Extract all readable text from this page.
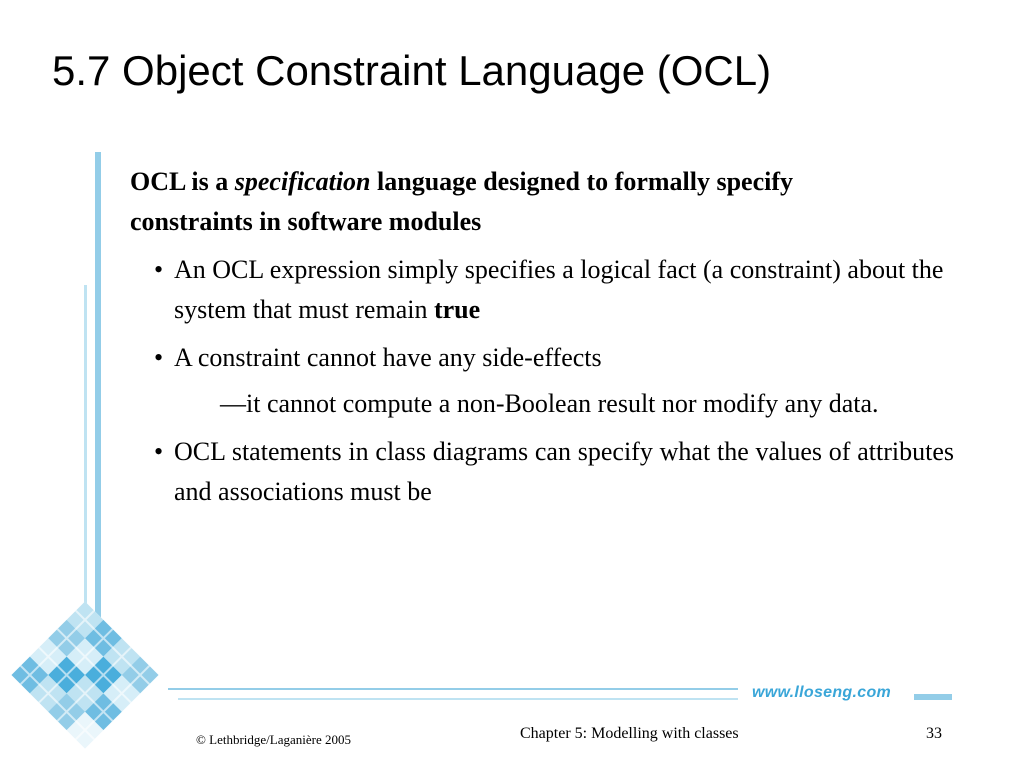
5.7 Object Constraint Language (OCL)
www.lloseng.com

OCL is a specification language designed to formally specify constraints in software modules

• An OCL expression simply specifies a logical fact (a constraint) about the system that must remain true
• A constraint cannot have any side-effects
—it cannot compute a non-Boolean result nor modify any data.
• OCL statements in class diagrams can specify what the values of attributes and associations must be
© Lethbridge/Laganière 2005	Chapter 5: Modelling with classes	33
